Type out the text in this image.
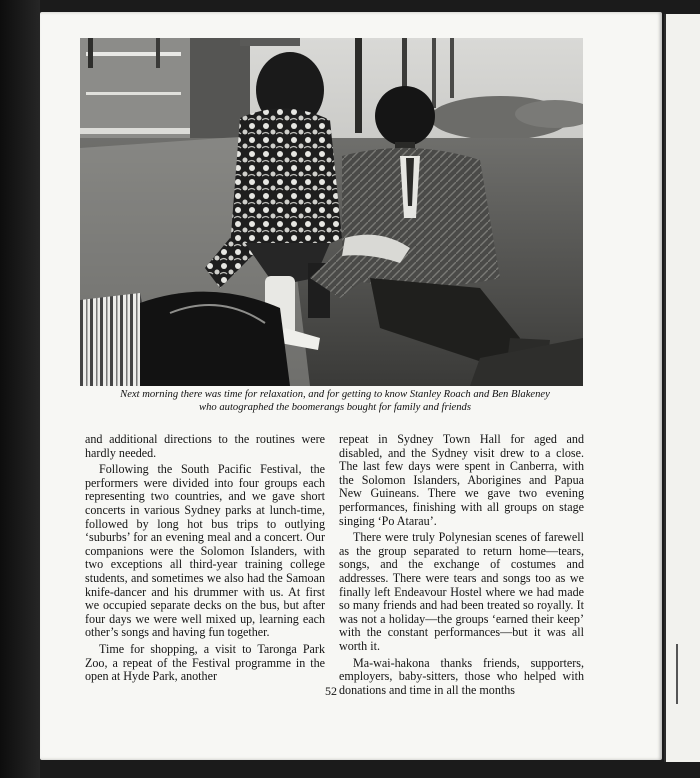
Next morning there was time for relaxation, and for getting to know Stanley Roach and Ben Blakeney
who autographed the boomerangs bought for family and friends

and additional directions to the routines were hardly needed.

Following the South Pacific Festival, the performers were divided into four groups each representing two countries, and we gave short concerts in various Sydney parks at lunch-time, followed by long hot bus trips to outlying ‘suburbs’ for an evening meal and a concert. Our companions were the Solomon Islanders, with two exceptions all third-year training college students, and sometimes we also had the Samoan knife-dancer and his drummer with us. At first we occupied separate decks on the bus, but after four days we were well mixed up, learning each other’s songs and having fun together.

Time for shopping, a visit to Taronga Park Zoo, a repeat of the Festival programme in the open at Hyde Park, another

repeat in Sydney Town Hall for aged and disabled, and the Sydney visit drew to a close. The last few days were spent in Canberra, with the Solomon Islanders, Aborigines and Papua New Guineans. There we gave two evening performances, finishing with all groups on stage singing ‘Po Atarau’.

There were truly Polynesian scenes of farewell as the group separated to return home—tears, songs, and the exchange of costumes and addresses. There were tears and songs too as we finally left Endeavour Hostel where we had made so many friends and had been treated so royally. It was not a holiday—the groups ‘earned their keep’ with the constant performances—but it was all worth it.

Ma-wai-hakona thanks friends, supporters, employers, baby-sitters, those who helped with donations and time in all the months

52
